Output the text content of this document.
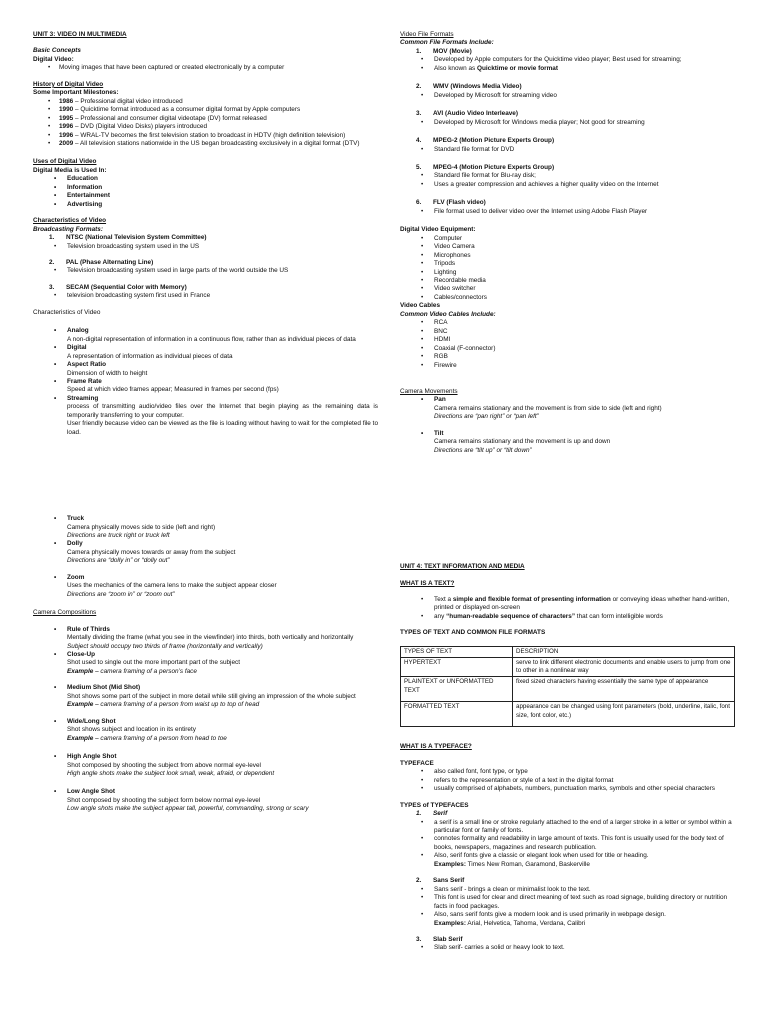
UNIT 3: VIDEO IN MULTIMEDIA
Basic Concepts
Digital Video:
• Moving images that have been captured or created electronically by a computer
History of Digital Video
Some Important Milestones:
• 1986 – Professional digital video introduced
• 1990 – Quicktime format introduced as a consumer digital format by Apple computers
• 1995 – Professional and consumer digital videotape (DV) format released
• 1996 – DVD (Digital Video Disks) players introduced
• 1996 – WRAL-TV becomes the first television station to broadcast in HDTV (high definition television)
• 2009 – All television stations nationwide in the US began broadcasting exclusively in a digital format (DTV)
Uses of Digital Video
Digital Media is Used In:
• Education
• Information
• Entertainment
• Advertising
Characteristics of Video
Broadcasting Formats:
1. NTSC (National Television System Committee)
• Television broadcasting system used in the US
2. PAL (Phase Alternating Line)
• Television broadcasting system used in large parts of the world outside the US
3. SECAM (Sequential Color with Memory)
• television broadcasting system first used in France
Characteristics of Video
• Analog
A non-digital representation of information in a continuous flow, rather than as individual pieces of data
• Digital
A representation of information as individual pieces of data
• Aspect Ratio
Dimension of width to height
• Frame Rate
Speed at which video frames appear; Measured in frames per second (fps)
• Streaming
process of transmitting audio/video files over the Internet that begin playing as the remaining data is temporarily transferring to your computer.
User friendly because video can be viewed as the file is loading without having to wait for the completed file to load.
• Truck
Camera physically moves side to side (left and right)
Directions are truck right or truck left
• Dolly
Camera physically moves towards or away from the subject
Directions are “dolly in” or “dolly out”
• Zoom
Uses the mechanics of the camera lens to make the subject appear closer
Directions are “zoom in” or “zoom out”
Camera Compositions
• Rule of Thirds
Mentally dividing the frame (what you see in the viewfinder) into thirds, both vertically and horizontally
Subject should occupy two thirds of frame (horizontally and vertically)
• Close-Up
Shot used to single out the more important part of the subject
Example – camera framing of a person’s face
• Medium Shot (Mid Shot)
Shot shows some part of the subject in more detail while still giving an impression of the whole subject
Example – camera framing of a person from waist up to top of head
• Wide/Long Shot
Shot shows subject and location in its entirety
Example – camera framing of a person from head to toe
• High Angle Shot
Shot composed by shooting the subject from above normal eye-level
High angle shots make the subject look small, weak, afraid, or dependent
• Low Angle Shot
Shot composed by shooting the subject form below normal eye-level
Low angle shots make the subject appear tall, powerful, commanding, strong or scary
Video File Formats
Common File Formats Include:
1. MOV (Movie)
• Developed by Apple computers for the Quicktime video player; Best used for streaming;
• Also known as Quicktime or movie format
2. WMV (Windows Media Video)
• Developed by Microsoft for streaming video
3. AVI (Audio Video Interleave)
• Developed by Microsoft for Windows media player; Not good for streaming
4. MPEG-2 (Motion Picture Experts Group)
• Standard file format for DVD
5. MPEG-4 (Motion Picture Experts Group)
• Standard file format for Blu-ray disk;
• Uses a greater compression and achieves a higher quality video on the Internet
6. FLV (Flash video)
• File format used to deliver video over the Internet using Adobe Flash Player
Digital Video Equipment:
• Computer
• Video Camera
• Microphones
• Tripods
• Lighting
• Recordable media
• Video switcher
• Cables/connectors
Video Cables
Common Video Cables Include:
• RCA
• BNC
• HDMI
• Coaxial (F-connector)
• RGB
• Firewire
Camera Movements
• Pan
Camera remains stationary and the movement is from side to side (left and right)
Directions are “pan right” or “pan left”
• Tilt
Camera remains stationary and the movement is up and down
Directions are “tilt up” or “tilt down”
UNIT 4: TEXT INFORMATION AND MEDIA
WHAT IS A TEXT?
• Text a simple and flexible format of presenting information or conveying ideas whether hand-written, printed or displayed on-screen
• any “human-readable sequence of characters” that can form intelligible words
TYPES OF TEXT AND COMMON FILE FORMATS
TYPES OF TEXT	DESCRIPTION
HYPERTEXT	serve to link different electronic documents and enable users to jump from one to other in a nonlinear way
PLAINTEXT or UNFORMATTED TEXT	fixed sized characters having essentially the same type of appearance
FORMATTED TEXT	appearance can be changed using font parameters (bold, underline, italic, font size, font color, etc.)
WHAT IS A TYPEFACE?
TYPEFACE
• also called font, font type, or type
• refers to the representation or style of a text in the digital format
• usually comprised of alphabets, numbers, punctuation marks, symbols and other special characters
TYPES of TYPEFACES
1. Serif
• a serif is a small line or stroke regularly attached to the end of a larger stroke in a letter or symbol within a particular font or family of fonts.
• connotes formality and readability in large amount of texts. This font is usually used for the body text of books, newspapers, magazines and research publication.
• Also, serif fonts give a classic or elegant look when used for title or heading.
Examples: Times New Roman, Garamond, Baskerville
2. Sans Serif
• Sans serif - brings a clean or minimalist look to the text.
• This font is used for clear and direct meaning of text such as road signage, building directory or nutrition facts in food packages.
• Also, sans serif fonts give a modern look and is used primarily in webpage design.
Examples: Arial, Helvetica, Tahoma, Verdana, Calibri
3. Slab Serif
• Slab serif- carries a solid or heavy look to text.
